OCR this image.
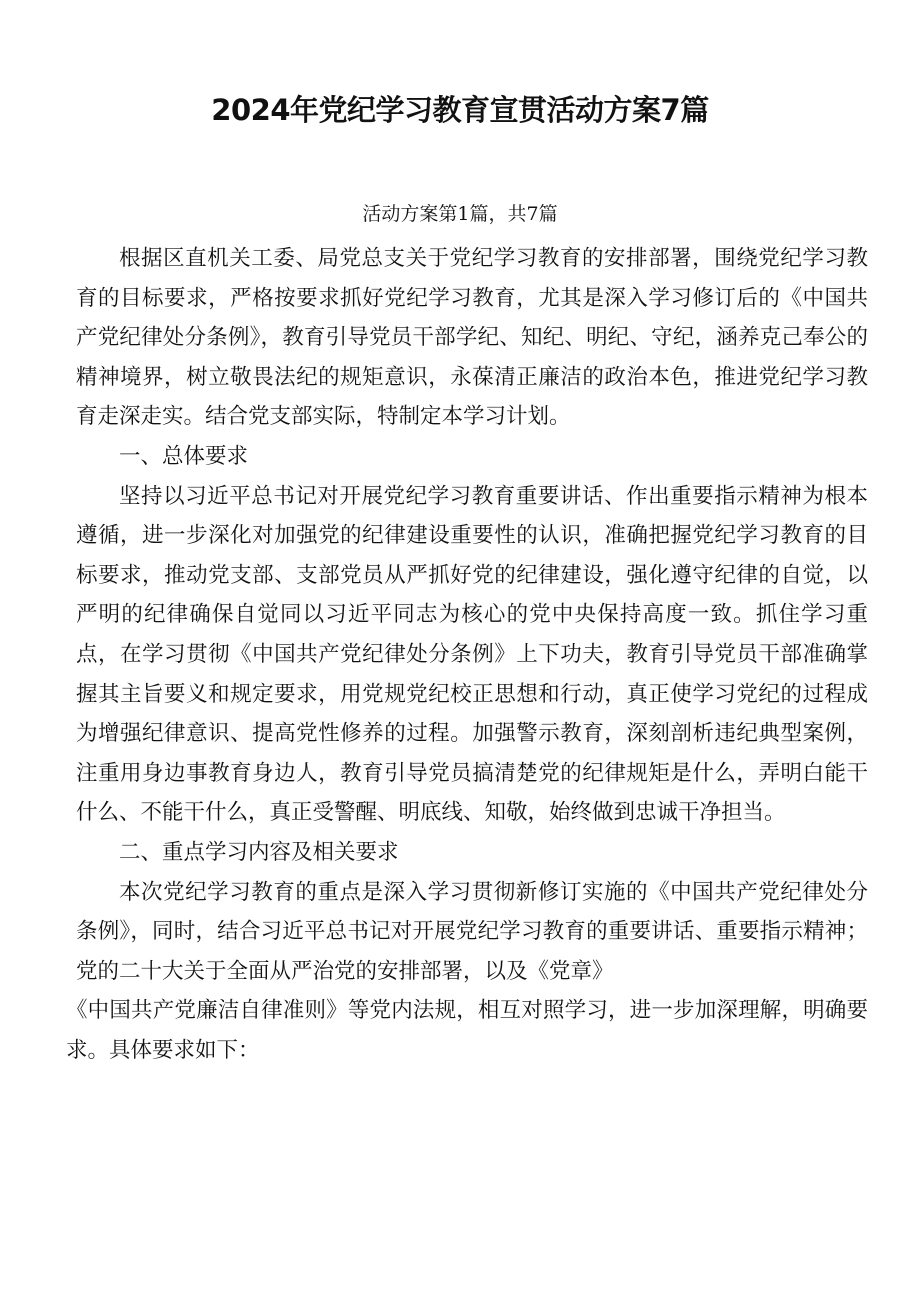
2024年党纪学习教育宣贯活动方案7篇

活动方案第1篇，共7篇

根据区直机关工委、局党总支关于党纪学习教育的安排部署，围绕党纪学习教育的目标要求，严格按要求抓好党纪学习教育，尤其是深入学习修订后的《中国共产党纪律处分条例》，教育引导党员干部学纪、知纪、明纪、守纪，涵养克己奉公的精神境界，树立敬畏法纪的规矩意识，永葆清正廉洁的政治本色，推进党纪学习教育走深走实。结合党支部实际，特制定本学习计划。

一、总体要求

坚持以习近平总书记对开展党纪学习教育重要讲话、作出重要指示精神为根本遵循，进一步深化对加强党的纪律建设重要性的认识，准确把握党纪学习教育的目标要求，推动党支部、支部党员从严抓好党的纪律建设，强化遵守纪律的自觉，以严明的纪律确保自觉同以习近平同志为核心的党中央保持高度一致。抓住学习重点，在学习贯彻《中国共产党纪律处分条例》上下功夫，教育引导党员干部准确掌握其主旨要义和规定要求，用党规党纪校正思想和行动，真正使学习党纪的过程成为增强纪律意识、提高党性修养的过程。加强警示教育，深刻剖析违纪典型案例，注重用身边事教育身边人，教育引导党员搞清楚党的纪律规矩是什么，弄明白能干什么、不能干什么，真正受警醒、明底线、知敬，始终做到忠诚干净担当。

二、重点学习内容及相关要求

本次党纪学习教育的重点是深入学习贯彻新修订实施的《中国共产党纪律处分条例》，同时，结合习近平总书记对开展党纪学习教育的重要讲话、重要指示精神；党的二十大关于全面从严治党的安排部署，以及《党章》
《中国共产党廉洁自律准则》等党内法规，相互对照学习，进一步加深理解，明确要求。具体要求如下：
